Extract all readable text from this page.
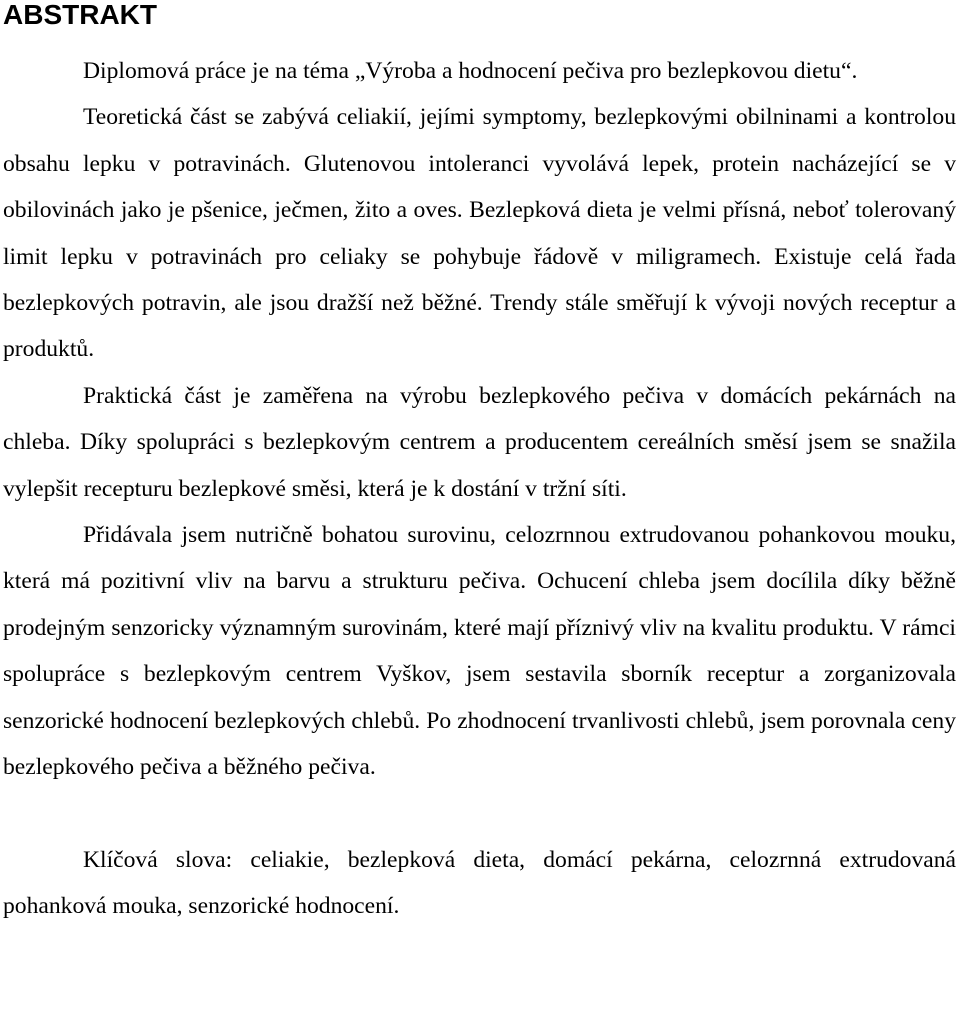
ABSTRAKT

Diplomová práce je na téma „Výroba a hodnocení pečiva pro bezlepkovou dietu“.

Teoretická část se zabývá celiakií, jejími symptomy, bezlepkovými obilninami a kontrolou obsahu lepku v potravinách. Glutenovou intoleranci vyvolává lepek, protein nacházející se v obilovinách jako je pšenice, ječmen, žito a oves. Bezlepková dieta je velmi přísná, neboť tolerovaný limit lepku v potravinách pro celiaky se pohybuje řádově v miligramech. Existuje celá řada bezlepkových potravin, ale jsou dražší než běžné. Trendy stále směřují k vývoji nových receptur a produktů.

Praktická část je zaměřena na výrobu bezlepkového pečiva v domácích pekárnách na chleba. Díky spolupráci s bezlepkovým centrem a producentem cereálních směsí jsem se snažila vylepšit recepturu bezlepkové směsi, která je k dostání v tržní síti.

Přidávala jsem nutričně bohatou surovinu, celozrnnou extrudovanou pohankovou mouku, která má pozitivní vliv na barvu a strukturu pečiva. Ochucení chleba jsem docílila díky běžně prodejným senzoricky významným surovinám, které mají příznivý vliv na kvalitu produktu. V rámci spolupráce s bezlepkovým centrem Vyškov, jsem sestavila sborník receptur a zorganizovala senzorické hodnocení bezlepkových chlebů. Po zhodnocení trvanlivosti chlebů, jsem porovnala ceny bezlepkového pečiva a běžného pečiva.

Klíčová slova: celiakie, bezlepková dieta, domácí pekárna, celozrnná extrudovaná pohanková mouka, senzorické hodnocení.
